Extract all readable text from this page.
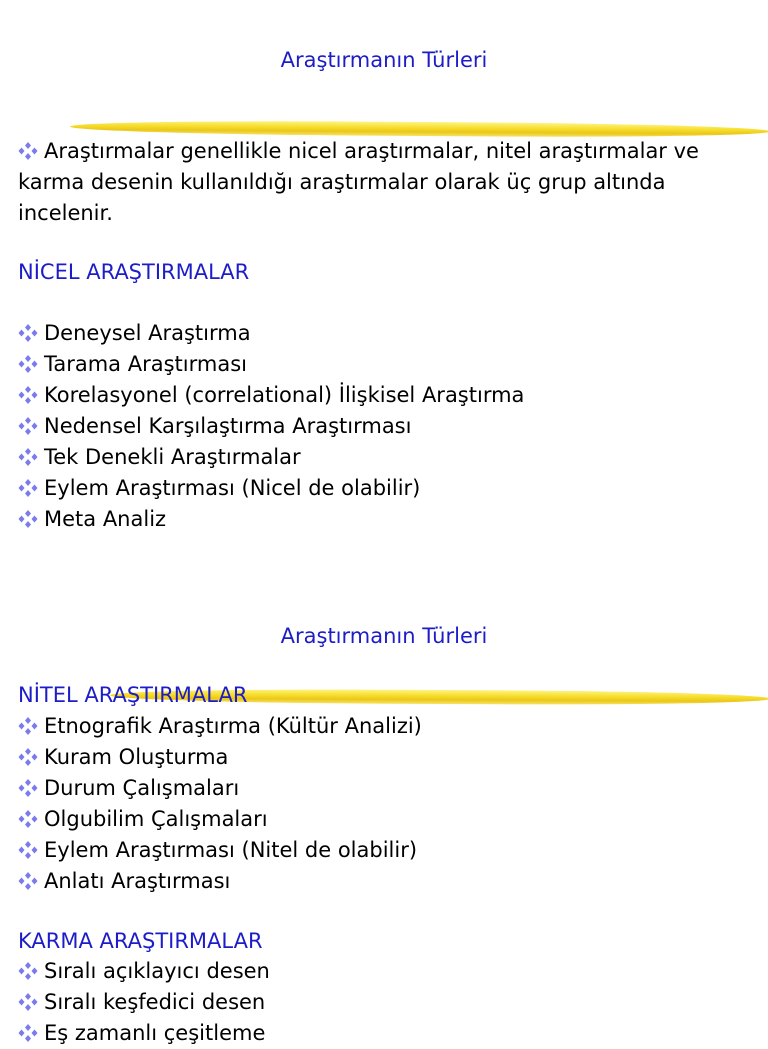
Araştırmanın Türleri
Araştırmalar genellikle nicel araştırmalar, nitel araştırmalar ve karma desenin kullanıldığı araştırmalar olarak üç grup altında incelenir.
NİCEL ARAŞTIRMALAR
Deneysel Araştırma
Tarama Araştırması
Korelasyonel (correlational) İlişkisel Araştırma
Nedensel Karşılaştırma Araştırması
Tek Denekli Araştırmalar
Eylem Araştırması (Nicel de olabilir)
Meta Analiz
Araştırmanın Türleri
NİTEL ARAŞTIRMALAR
Etnografik Araştırma (Kültür Analizi)
Kuram Oluşturma
Durum Çalışmaları
Olgubilim Çalışmaları
Eylem Araştırması (Nitel de olabilir)
Anlatı Araştırması
KARMA ARAŞTIRMALAR
Sıralı açıklayıcı desen
Sıralı keşfedici desen
Eş zamanlı çeşitleme
